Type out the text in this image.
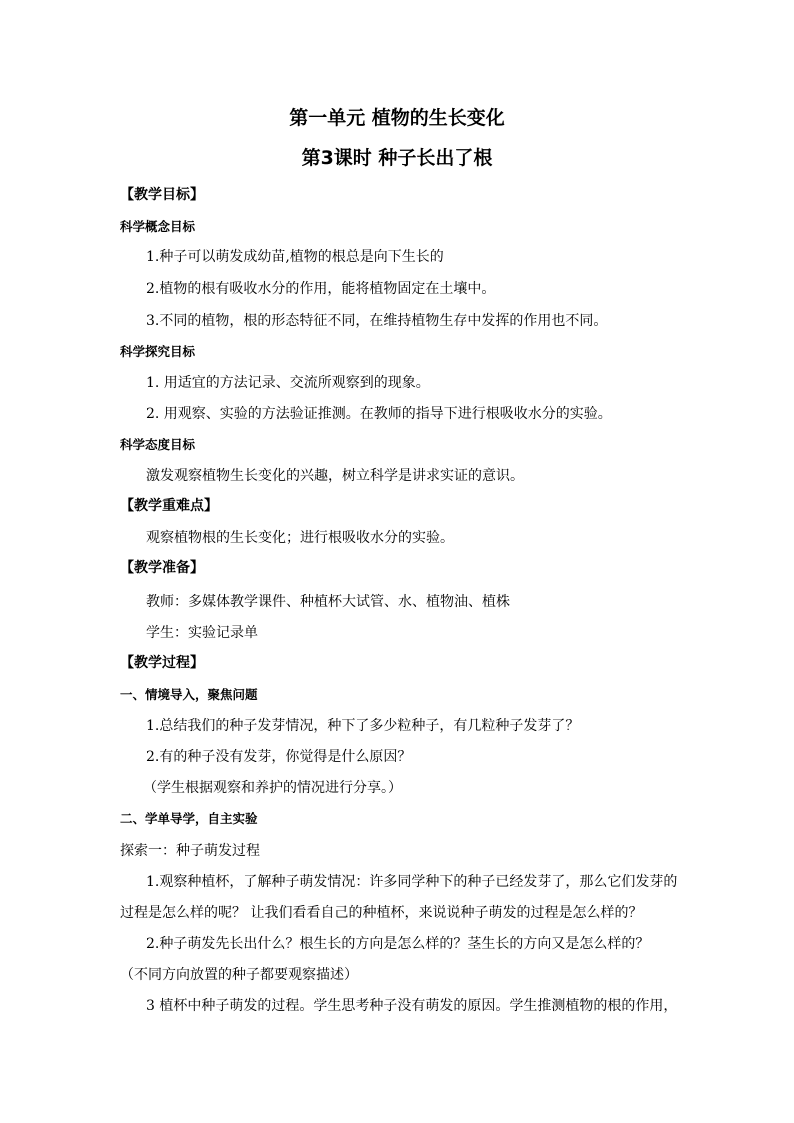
第一单元 植物的生长变化
第3课时 种子长出了根
【教学目标】
科学概念目标
1.种子可以萌发成幼苗,植物的根总是向下生长的
2.植物的根有吸收水分的作用，能将植物固定在土壤中。
3.不同的植物，根的形态特征不同，在维持植物生存中发挥的作用也不同。
科学探究目标
1. 用适宜的方法记录、交流所观察到的现象。
2. 用观察、实验的方法验证推测。在教师的指导下进行根吸收水分的实验。
科学态度目标
激发观察植物生长变化的兴趣，树立科学是讲求实证的意识。
【教学重难点】
观察植物根的生长变化；进行根吸收水分的实验。
【教学准备】
教师：多媒体教学课件、种植杯大试管、水、植物油、植株
学生：实验记录单
【教学过程】
一、情境导入，聚焦问题
1.总结我们的种子发芽情况，种下了多少粒种子，有几粒种子发芽了？
2.有的种子没有发芽，你觉得是什么原因？
（学生根据观察和养护的情况进行分享。）
二、学单导学，自主实验
探索一：种子萌发过程
1.观察种植杯，了解种子萌发情况：许多同学种下的种子已经发芽了，那么它们发芽的
过程是怎么样的呢？ 让我们看看自己的种植杯，来说说种子萌发的过程是怎么样的？
2.种子萌发先长出什么？根生长的方向是怎么样的？茎生长的方向又是怎么样的？
（不同方向放置的种子都要观察描述）
3 植杯中种子萌发的过程。学生思考种子没有萌发的原因。学生推测植物的根的作用，
